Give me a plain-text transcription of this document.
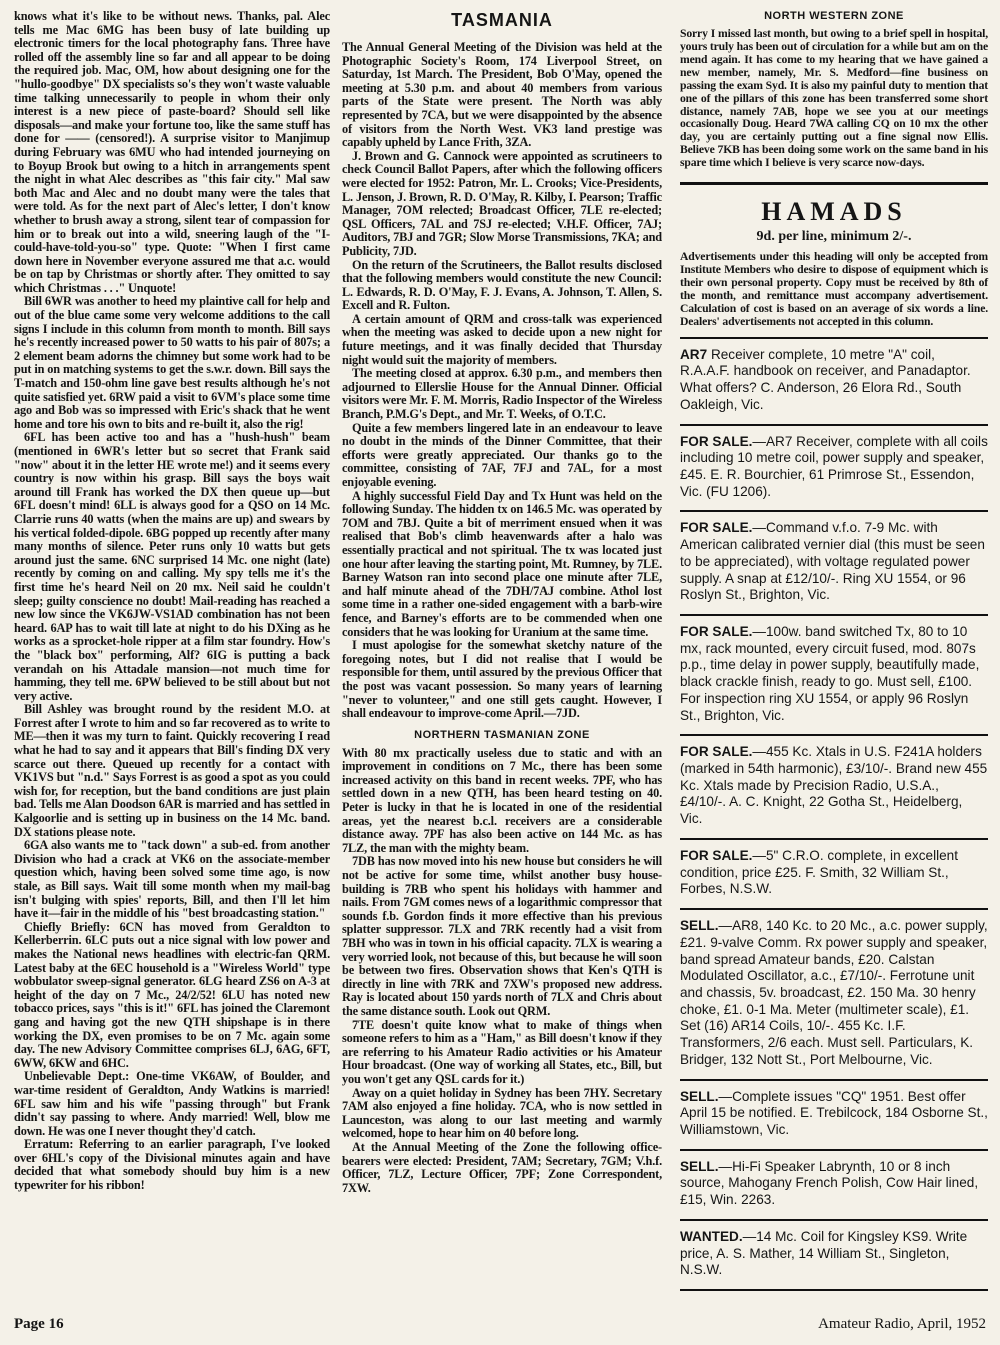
knows what it's like to be without news. Thanks, pal. Alec tells me Mac 6MG has been busy of late building up electronic timers for the local photography fans. Three have rolled off the assembly line so far and all appear to be doing the required job. Mac, OM, how about designing one for the "hullo-goodbye" DX specialists so's they won't waste valuable time talking unnecessarily to people in whom their only interest is a new piece of paste-board? Should sell like disposals—and make your fortune too, like the same stuff has done for —— (censored!). A surprise visitor to Manjimup during February was 6MU who had intended journeying on to Boyup Brook but owing to a hitch in arrangements spent the night in what Alec describes as "this fair city." Mal saw both Mac and Alec and no doubt many were the tales that were told. As for the next part of Alec's letter, I don't know whether to brush away a strong, silent tear of compassion for him or to break out into a wild, sneering laugh of the "I-could-have-told-you-so" type. Quote: "When I first came down here in November everyone assured me that a.c. would be on tap by Christmas or shortly after. They omitted to say which Christmas . . ." Unquote!

Bill 6WR was another to heed my plaintive call for help and out of the blue came some very welcome additions to the call signs I include in this column from month to month. Bill says he's recently increased power to 50 watts to his pair of 807s; a 2 element beam adorns the chimney but some work had to be put in on matching systems to get the s.w.r. down. Bill says the T-match and 150-ohm line gave best results although he's not quite satisfied yet. 6RW paid a visit to 6VM's place some time ago and Bob was so impressed with Eric's shack that he went home and tore his own to bits and re-built it, also the rig!

6FL has been active too and has a "hush-hush" beam (mentioned in 6WR's letter but so secret that Frank said "now" about it in the letter HE wrote me!) and it seems every country is now within his grasp. Bill says the boys wait around till Frank has worked the DX then queue up—but 6FL doesn't mind! 6LL is always good for a QSO on 14 Mc. Clarrie runs 40 watts (when the mains are up) and swears by his vertical folded-dipole. 6BG popped up recently after many many months of silence. Peter runs only 10 watts but gets around just the same. 6NC surprised 14 Mc. one night (late) recently by coming on and calling. My spy tells me it's the first time he's heard Neil on 20 mx. Neil said he couldn't sleep; guilty conscience no doubt! Mail-reading has reached a new low since the VK6JW-VS1AD combination has not been heard. 6AP has to wait till late at night to do his DXing as he works as a sprocket-hole ripper at a film star foundry. How's the "black box" performing, Alf? 6IG is putting a back verandah on his Attadale mansion—not much time for hamming, they tell me. 6PW believed to be still about but not very active.

Bill Ashley was brought round by the resident M.O. at Forrest after I wrote to him and so far recovered as to write to ME—then it was my turn to faint. Quickly recovering I read what he had to say and it appears that Bill's finding DX very scarce out there. Queued up recently for a contact with VK1VS but "n.d." Says Forrest is as good a spot as you could wish for, for reception, but the band conditions are just plain bad. Tells me Alan Doodson 6AR is married and has settled in Kalgoorlie and is setting up in business on the 14 Mc. band. DX stations please note.

6GA also wants me to "tack down" a sub-ed. from another Division who had a crack at VK6 on the associate-member question which, having been solved some time ago, is now stale, as Bill says. Wait till some month when my mail-bag isn't bulging with spies' reports, Bill, and then I'll let him have it—fair in the middle of his "best broadcasting station."

Chiefly Briefly: 6CN has moved from Geraldton to Kellerberrin. 6LC puts out a nice signal with low power and makes the National news headlines with electric-fan QRM. Latest baby at the 6EC household is a "Wireless World" type wobbulator sweep-signal generator. 6LG heard ZS6 on A-3 at height of the day on 7 Mc., 24/2/52! 6LU has noted new tobacco prices, says "this is it!" 6FL has joined the Claremont gang and having got the new QTH shipshape is in there working the DX, even promises to be on 7 Mc. again some day. The new Advisory Committee comprises 6LJ, 6AG, 6FT, 6WW, 6KW and 6HC.

Unbelievable Dept.: One-time VK6AW, of Boulder, and war-time resident of Geraldton, Andy Watkins is married! 6FL saw him and his wife "passing through" but Frank didn't say passing to where. Andy married! Well, blow me down. He was one I never thought they'd catch.

Erratum: Referring to an earlier paragraph, I've looked over 6HL's copy of the Divisional minutes again and have decided that what somebody should buy him is a new typewriter for his ribbon!

TASMANIA

The Annual General Meeting of the Division was held at the Photographic Society's Room, 174 Liverpool Street, on Saturday, 1st March. The President, Bob O'May, opened the meeting at 5.30 p.m. and about 40 members from various parts of the State were present. The North was ably represented by 7CA, but we were disappointed by the absence of visitors from the North West. VK3 land prestige was capably upheld by Lance Frith, 3ZA.

J. Brown and G. Cannock were appointed as scrutineers to check Council Ballot Papers, after which the following officers were elected for 1952: Patron, Mr. L. Crooks; Vice-Presidents, L. Jenson, J. Brown, R. D. O'May, R. Kilby, I. Pearson; Traffic Manager, 7OM relected; Broadcast Officer, 7LE re-elected; QSL Officers, 7AL and 7SJ re-elected; V.H.F. Officer, 7AJ; Auditors, 7BJ and 7GR; Slow Morse Transmissions, 7KA; and Publicity, 7JD.

On the return of the Scrutineers, the Ballot results disclosed that the following members would constitute the new Council: L. Edwards, R. D. O'May, F. J. Evans, A. Johnson, T. Allen, S. Excell and R. Fulton.

A certain amount of QRM and cross-talk was experienced when the meeting was asked to decide upon a new night for future meetings, and it was finally decided that Thursday night would suit the majority of members.

The meeting closed at approx. 6.30 p.m., and members then adjourned to Ellerslie House for the Annual Dinner. Official visitors were Mr. F. M. Morris, Radio Inspector of the Wireless Branch, P.M.G's Dept., and Mr. T. Weeks, of O.T.C.

Quite a few members lingered late in an endeavour to leave no doubt in the minds of the Dinner Committee, that their efforts were greatly appreciated. Our thanks go to the committee, consisting of 7AF, 7FJ and 7AL, for a most enjoyable evening.

A highly successful Field Day and Tx Hunt was held on the following Sunday. The hidden tx on 146.5 Mc. was operated by 7OM and 7BJ. Quite a bit of merriment ensued when it was realised that Bob's climb heavenwards after a halo was essentially practical and not spiritual. The tx was located just one hour after leaving the starting point, Mt. Rumney, by 7LE. Barney Watson ran into second place one minute after 7LE, and half minute ahead of the 7DH/7AJ combine. Athol lost some time in a rather one-sided engagement with a barb-wire fence, and Barney's efforts are to be commended when one considers that he was looking for Uranium at the same time.

I must apologise for the somewhat sketchy nature of the foregoing notes, but I did not realise that I would be responsible for them, until assured by the previous Officer that the post was vacant possession. So many years of learning "never to volunteer," and one still gets caught. However, I shall endeavour to improve-come April.—7JD.

NORTHERN TASMANIAN ZONE

With 80 mx practically useless due to static and with an improvement in conditions on 7 Mc., there has been some increased activity on this band in recent weeks. 7PF, who has settled down in a new QTH, has been heard testing on 40. Peter is lucky in that he is located in one of the residential areas, yet the nearest b.c.l. receivers are a considerable distance away. 7PF has also been active on 144 Mc. as has 7LZ, the man with the mighty beam.

7DB has now moved into his new house but considers he will not be active for some time, whilst another busy house-building is 7RB who spent his holidays with hammer and nails. From 7GM comes news of a logarithmic compressor that sounds f.b. Gordon finds it more effective than his previous splatter suppressor. 7LX and 7RK recently had a visit from 7BH who was in town in his official capacity. 7LX is wearing a very worried look, not because of this, but because he will soon be between two fires. Observation shows that Ken's QTH is directly in line with 7RK and 7XW's proposed new address. Ray is located about 150 yards north of 7LX and Chris about the same distance south. Look out QRM.

7TE doesn't quite know what to make of things when someone refers to him as a "Ham," as Bill doesn't know if they are referring to his Amateur Radio activities or his Amateur Hour broadcast. (One way of working all States, etc., Bill, but you won't get any QSL cards for it.)

Away on a quiet holiday in Sydney has been 7HY. Secretary 7AM also enjoyed a fine holiday. 7CA, who is now settled in Launceston, was along to our last meeting and warmly welcomed, hope to hear him on 40 before long.

At the Annual Meeting of the Zone the following office-bearers were elected: President, 7AM; Secretary, 7GM; V.h.f. Officer, 7LZ, Lecture Officer, 7PF; Zone Correspondent, 7XW.

NORTH WESTERN ZONE

Sorry I missed last month, but owing to a brief spell in hospital, yours truly has been out of circulation for a while but am on the mend again. It has come to my hearing that we have gained a new member, namely, Mr. S. Medford—fine business on passing the exam Syd. It is also my painful duty to mention that one of the pillars of this zone has been transferred some short distance, namely 7AB, hope we see you at our meetings occasionally Doug. Heard 7WA calling CQ on 10 mx the other day, you are certainly putting out a fine signal now Ellis. Believe 7KB has been doing some work on the same band in his spare time which I believe is very scarce now-days.

HAMADS
9d. per line, minimum 2/-.

Advertisements under this heading will only be accepted from Institute Members who desire to dispose of equipment which is their own personal property. Copy must be received by 8th of the month, and remittance must accompany advertisement. Calculation of cost is based on an average of six words a line. Dealers' advertisements not accepted in this column.

AR7 Receiver complete, 10 metre "A" coil, R.A.A.F. handbook on receiver, and Panadaptor. What offers? C. Anderson, 26 Elora Rd., South Oakleigh, Vic.

FOR SALE.—AR7 Receiver, complete with all coils including 10 metre coil, power supply and speaker, £45. E. R. Bourchier, 61 Primrose St., Essendon, Vic. (FU 1206).

FOR SALE.—Command v.f.o. 7-9 Mc. with American calibrated vernier dial (this must be seen to be appreciated), with voltage regulated power supply. A snap at £12/10/-. Ring XU 1554, or 96 Roslyn St., Brighton, Vic.

FOR SALE.—100w. band switched Tx, 80 to 10 mx, rack mounted, every circuit fused, mod. 807s p.p., time delay in power supply, beautifully made, black crackle finish, ready to go. Must sell, £100. For inspection ring XU 1554, or apply 96 Roslyn St., Brighton, Vic.

FOR SALE.—455 Kc. Xtals in U.S. F241A holders (marked in 54th harmonic), £3/10/-. Brand new 455 Kc. Xtals made by Precision Radio, U.S.A., £4/10/-. A. C. Knight, 22 Gotha St., Heidelberg, Vic.

FOR SALE.—5" C.R.O. complete, in excellent condition, price £25. F. Smith, 32 William St., Forbes, N.S.W.

SELL.—AR8, 140 Kc. to 20 Mc., a.c. power supply, £21. 9-valve Comm. Rx power supply and speaker, band spread Amateur bands, £20. Calstan Modulated Oscillator, a.c., £7/10/-. Ferrotune unit and chassis, 5v. broadcast, £2. 150 Ma. 30 henry choke, £1. 0-1 Ma. Meter (multimeter scale), £1. Set (16) AR14 Coils, 10/-. 455 Kc. I.F. Transformers, 2/6 each. Must sell. Particulars, K. Bridger, 132 Nott St., Port Melbourne, Vic.

SELL.—Complete issues "CQ" 1951. Best offer April 15 be notified. E. Trebilcock, 184 Osborne St., Williamstown, Vic.

SELL.—Hi-Fi Speaker Labrynth, 10 or 8 inch source, Mahogany French Polish, Cow Hair lined, £15, Win. 2263.

WANTED.—14 Mc. Coil for Kingsley KS9. Write price, A. S. Mather, 14 William St., Singleton, N.S.W.

Page 16	Amateur Radio, April, 1952
